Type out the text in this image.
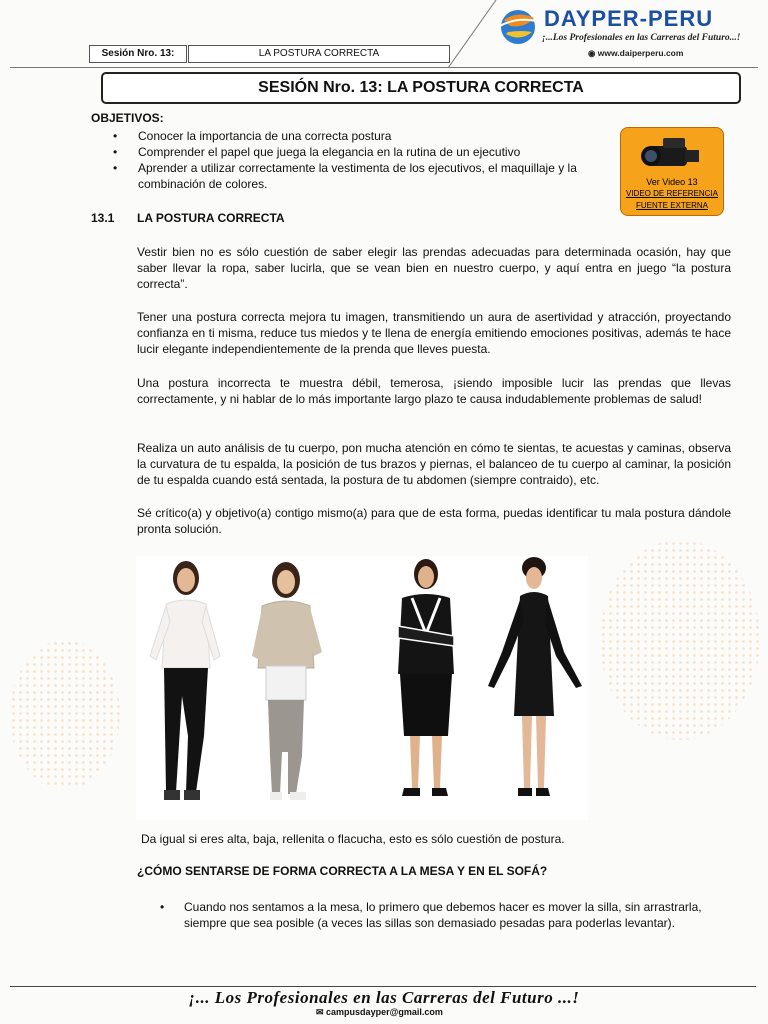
Sesión Nro. 13:	LA POSTURA CORRECTA
DAYPER-PERU
¡...Los Profesionales en las Carreras del Futuro...!
◉ www.daiperperu.com
SESIÓN Nro. 13: LA POSTURA CORRECTA
OBJETIVOS:
• Conocer la importancia de una correcta postura
• Comprender el papel que juega la elegancia en la rutina de un ejecutivo
• Aprender a utilizar correctamente la vestimenta de los ejecutivos, el maquillaje y la combinación de colores.	Ver Video 13
VIDEO DE REFERENCIA
FUENTE EXTERNA
13.1 LA POSTURA CORRECTA

Vestir bien no es sólo cuestión de saber elegir las prendas adecuadas para determinada ocasión, hay que saber llevar la ropa, saber lucirla, que se vean bien en nuestro cuerpo, y aquí entra en juego “la postura correcta”.

Tener una postura correcta mejora tu imagen, transmitiendo un aura de asertividad y atracción, proyectando confianza en ti misma, reduce tus miedos y te llena de energía emitiendo emociones positivas, además te hace lucir elegante independientemente de la prenda que lleves puesta.

Una postura incorrecta te muestra débil, temerosa, ¡siendo imposible lucir las prendas que llevas correctamente, y ni hablar de lo más importante largo plazo te causa indudablemente problemas de salud!

Realiza un auto análisis de tu cuerpo, pon mucha atención en cómo te sientas, te acuestas y caminas, observa la curvatura de tu espalda, la posición de tus brazos y piernas, el balanceo de tu cuerpo al caminar, la posición de tu espalda cuando está sentada, la postura de tu abdomen (siempre contraido), etc.

Sé crítico(a) y objetivo(a) contigo mismo(a) para que de esta forma, puedas identificar tu mala postura dándole pronta solución.

Da igual si eres alta, baja, rellenita o flacucha, esto es sólo cuestión de postura.
¿CÓMO SENTARSE DE FORMA CORRECTA A LA MESA Y EN EL SOFÁ?
• Cuando nos sentamos a la mesa, lo primero que debemos hacer es mover la silla, sin arrastrarla, siempre que sea posible (a veces las sillas son demasiado pesadas para poderlas levantar).
¡... Los Profesionales en las Carreras del Futuro ...!
✉ campusdayper@gmail.com
